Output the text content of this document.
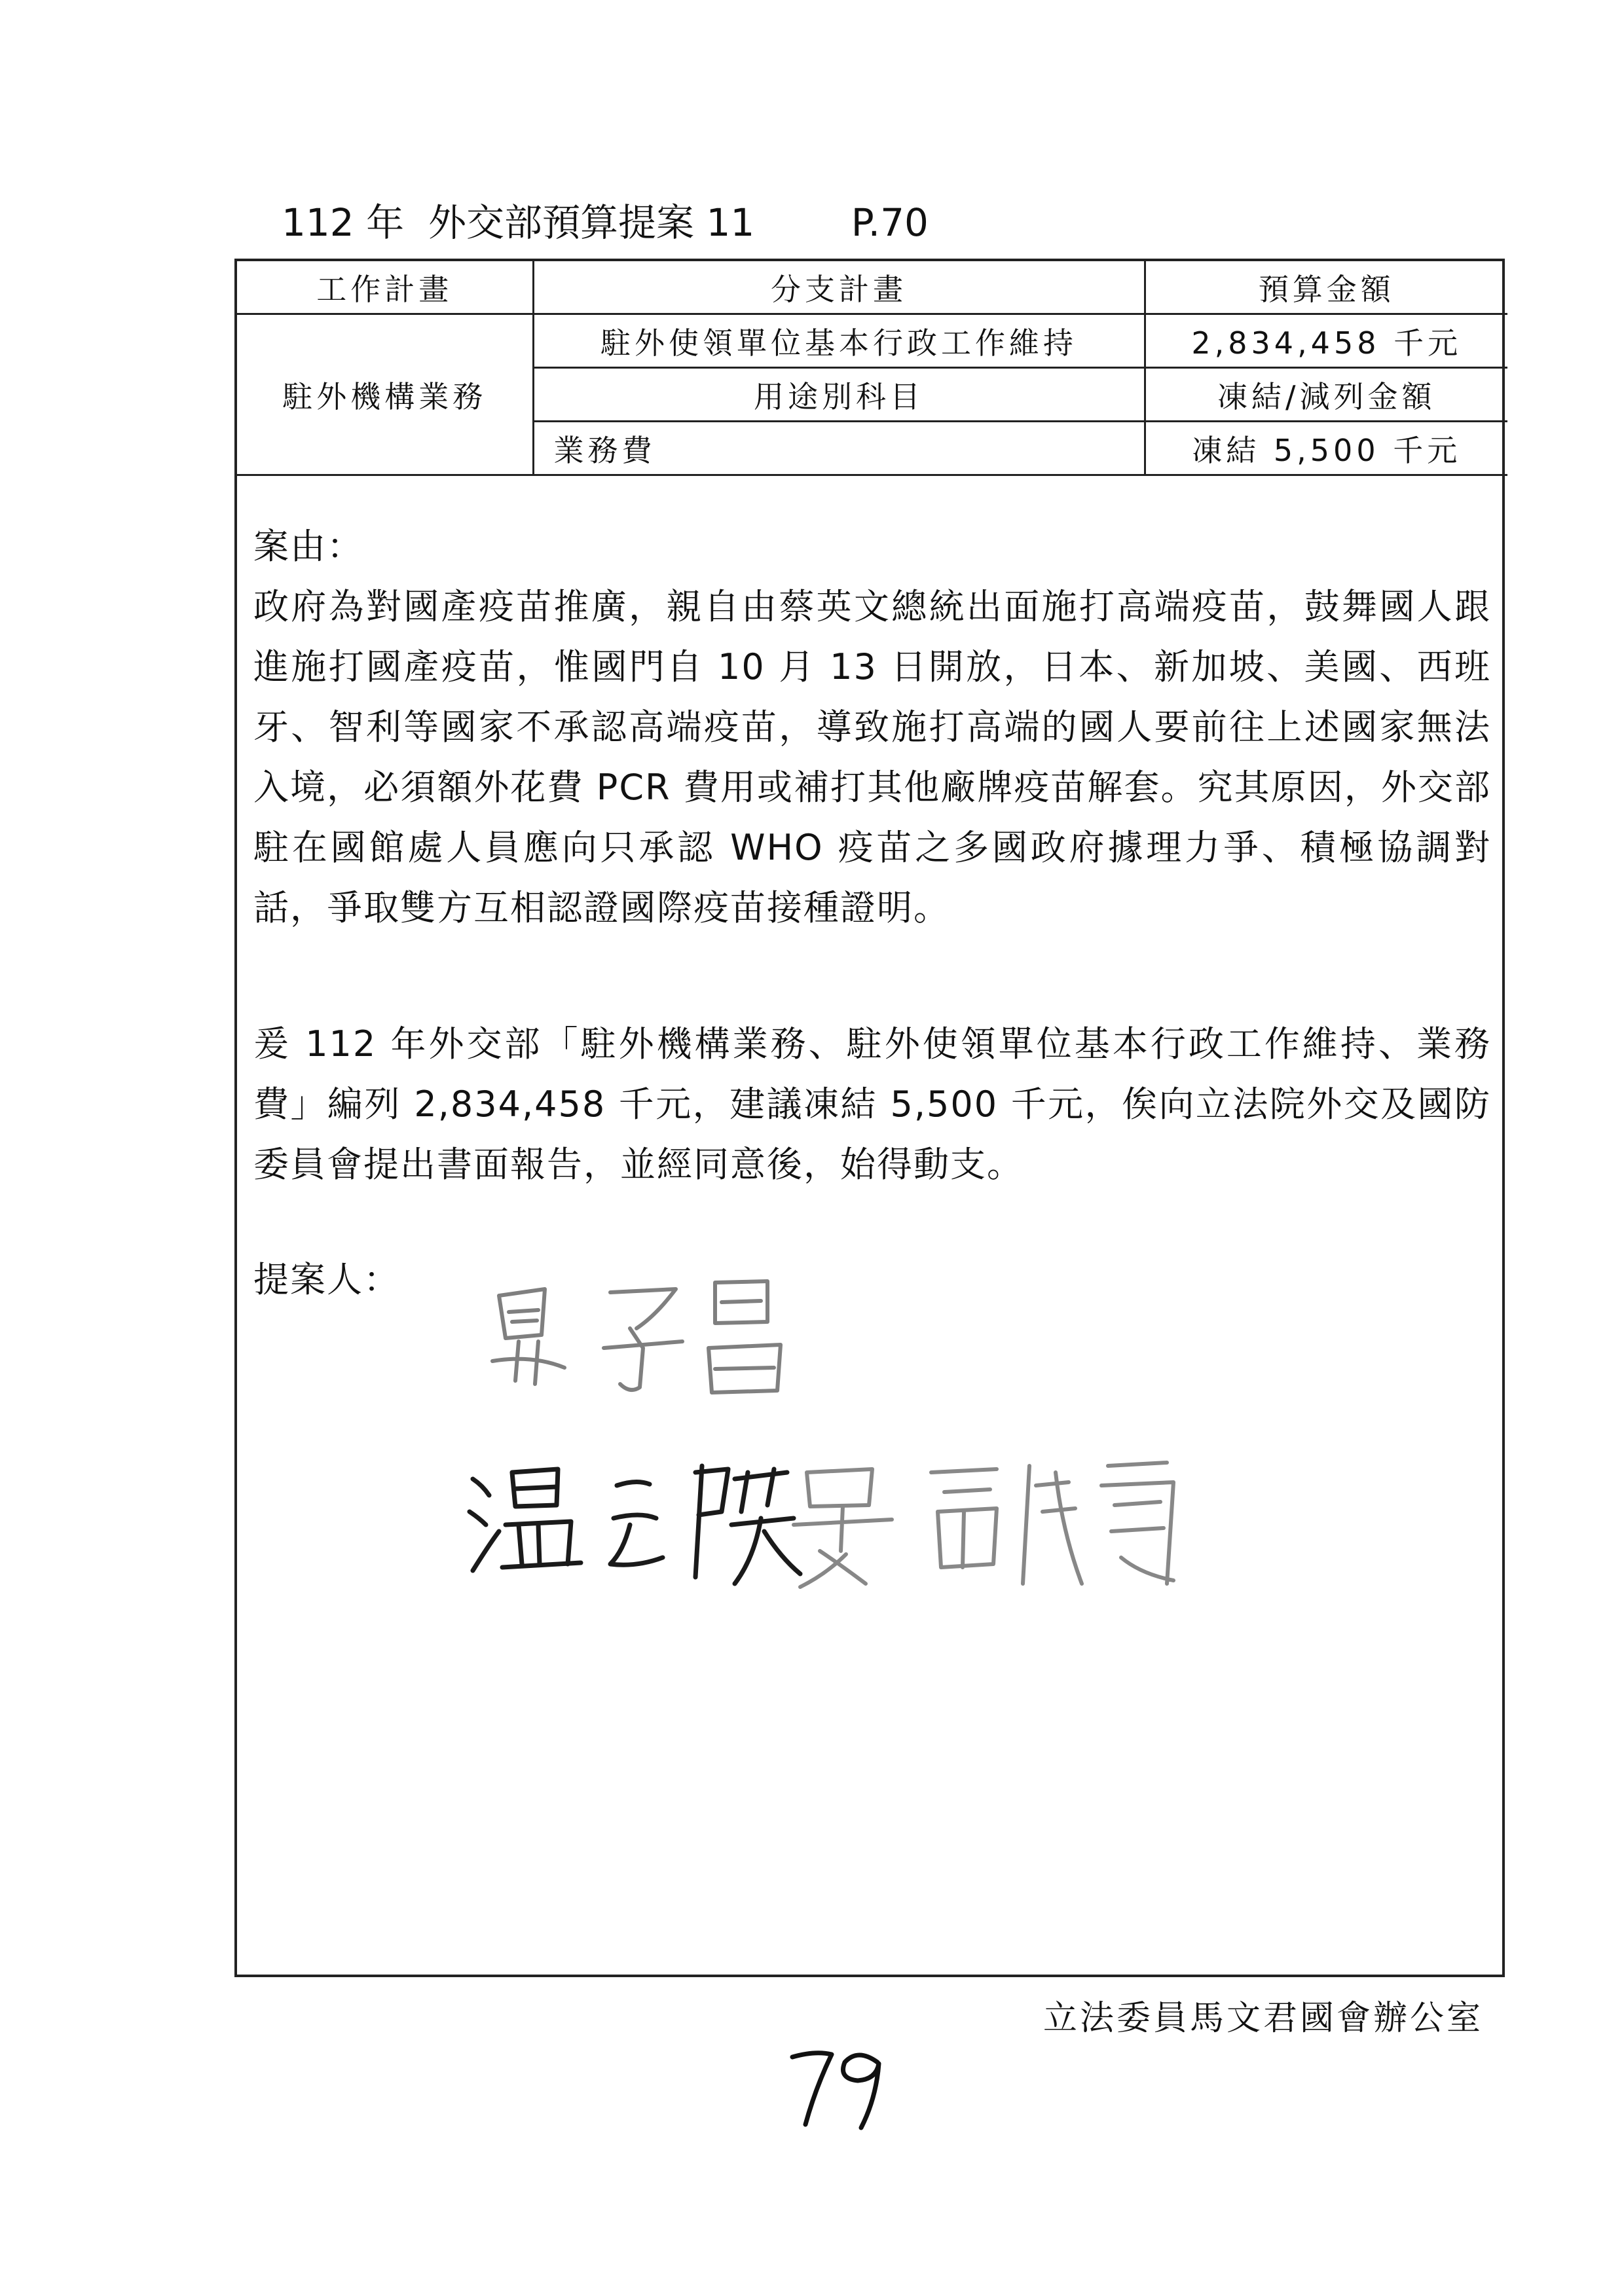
112 年  外交部預算提案 11        P.70
工作計畫	分支計畫	預算金額
駐外機構業務	駐外使領單位基本行政工作維持	2,834,458 千元
	用途別科目	凍結/減列金額
	業務費	凍結 5,500 千元
案由：
政府為對國產疫苗推廣，親自由蔡英文總統出面施打高端疫苗，鼓舞國人跟進施打國產疫苗，惟國門自 10 月 13 日開放，日本、新加坡、美國、西班牙、智利等國家不承認高端疫苗，導致施打高端的國人要前往上述國家無法入境，必須額外花費 PCR 費用或補打其他廠牌疫苗解套。究其原因，外交部駐在國館處人員應向只承認 WHO 疫苗之多國政府據理力爭、積極協調對話，爭取雙方互相認證國際疫苗接種證明。
爰 112 年外交部「駐外機構業務、駐外使領單位基本行政工作維持、業務費」編列 2,834,458 千元，建議凍結 5,500 千元，俟向立法院外交及國防委員會提出書面報告，並經同意後，始得動支。
提案人：
立法委員馬文君國會辦公室
